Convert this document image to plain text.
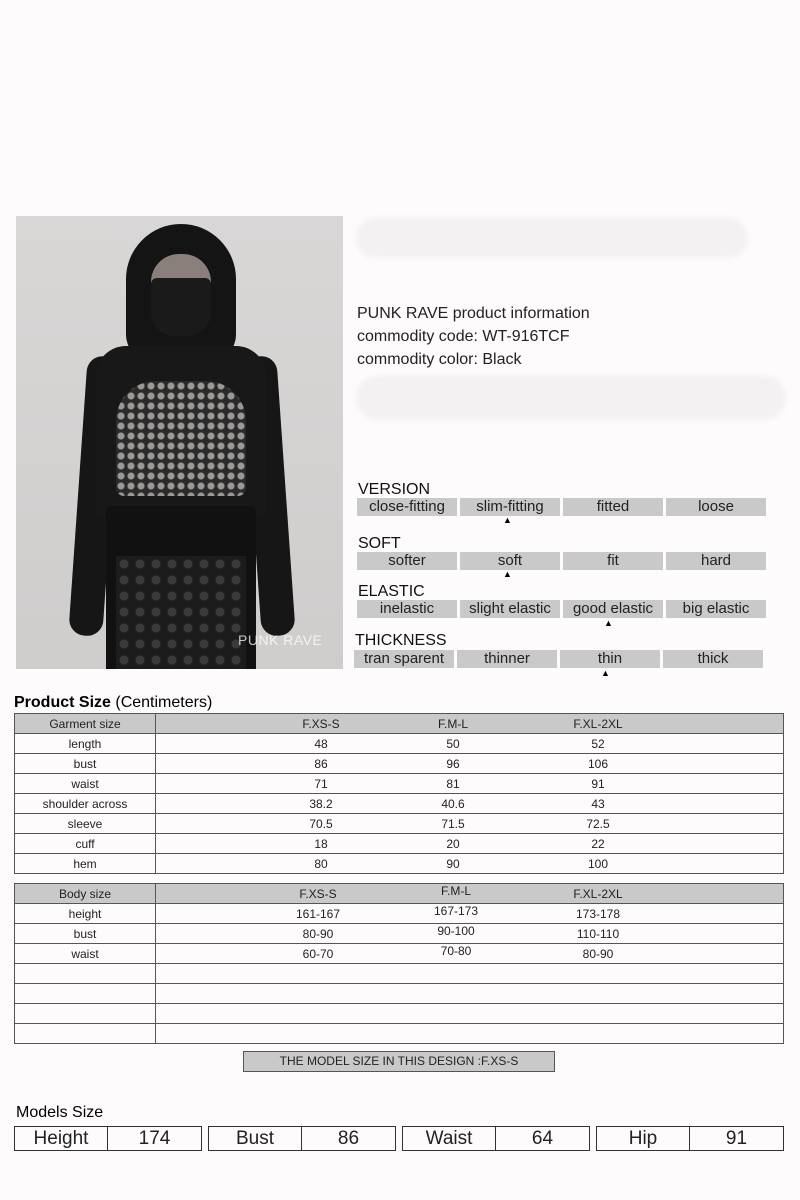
PUNK RAVE
PUNK RAVE product information
commodity code: WT-916TCF
commodity color: Black
VERSION
close-fitting	slim-fitting	fitted	loose
▲
SOFT
softer	soft	fit	hard
▲
ELASTIC
inelastic	slight elastic	good elastic	big elastic
▲
THICKNESS
tran sparent	thinner	thin	thick
▲
Product Size (Centimeters)
Garment size	F.XS-S F.M-L F.XL-2XL

length	48 50 52

bust	86 96 106

waist	71 81 91

shoulder across	38.2 40.6 43

sleeve	70.5 71.5 72.5

cuff	18 20 22

hem	80 90 100
Body size	F.XS-S F.M-L F.XL-2XL

height	161-167 167-173 173-178

bust	80-90 90-100 110-110

waist	60-70 70-80 80-90

THE MODEL SIZE IN THIS DESIGN :F.XS-S
Models Size
Height	174	Bust	86	Waist	64	Hip	91
